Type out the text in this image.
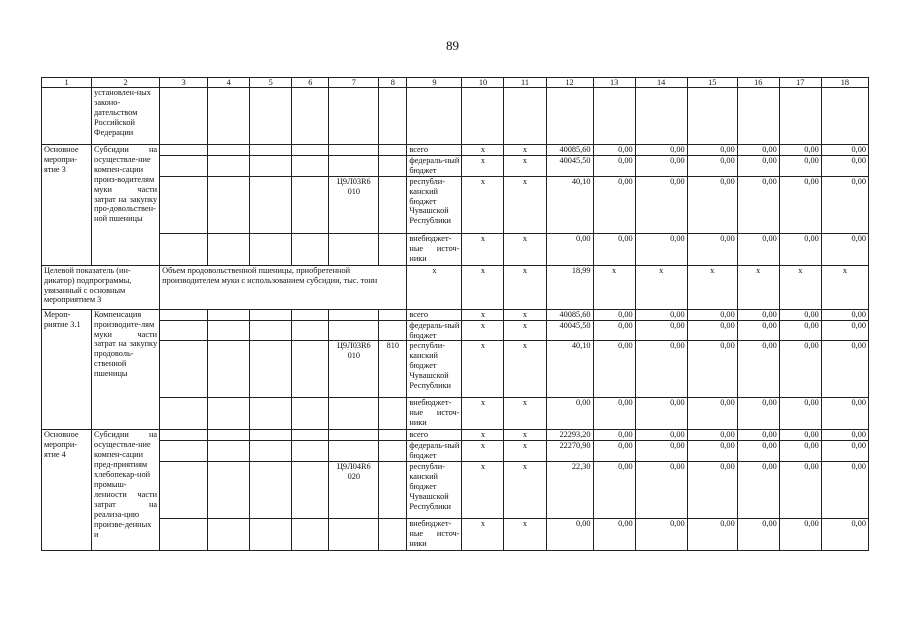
89
1	2	3	4	5	6	7	8	9	10	11	12	13	14	15	16	17	18
	установлен-ных законо-дательством Российской Федерации																
Основное меропри-ятие 3	Субсидии на осуществле-ние компен-сации произ-водителям муки части затрат на закупку про-довольствен-ной пшеницы							всего	x	x	40085,60	0,00	0,00	0,00	0,00	0,00	0,00
								федераль-ный бюджет	x	x	40045,50	0,00	0,00	0,00	0,00	0,00	0,00
						Ц9Л03R6 010		республи-канский бюджет Чувашской Республики	x	x	40,10	0,00	0,00	0,00	0,00	0,00	0,00
								внебюджет-ные источ-ники	x	x	0,00	0,00	0,00	0,00	0,00	0,00	0,00
Целевой показатель (ин-дикатор) подпрограммы, увязанный с основным мероприятием 3		Объем продовольственной пшеницы, приобретенной производителем муки с использованием субсидии, тыс. тонн						x	x	x	18,99	x	x	x	x	x	x
Мероп-риятие 3.1	Компенсация производите-лям муки части затрат на закупку продоволь-ственной пшеницы							всего	x	x	40085,60	0,00	0,00	0,00	0,00	0,00	0,00
								федераль-ный бюджет	x	x	40045,50	0,00	0,00	0,00	0,00	0,00	0,00
						Ц9Л03R6 010	810	республи-канский бюджет Чувашской Республики	x	x	40,10	0,00	0,00	0,00	0,00	0,00	0,00
								внебюджет-ные источ-ники	x	x	0,00	0,00	0,00	0,00	0,00	0,00	0,00
Основное меропри-ятие 4	Субсидии на осуществле-ние компен-сации пред-приятиям хлебопекар-ной промыш-ленности части затрат на реализа-цию произве-денных и							всего	x	x	22293,20	0,00	0,00	0,00	0,00	0,00	0,00
								федераль-ный бюджет	x	x	22270,90	0,00	0,00	0,00	0,00	0,00	0,00
						Ц9Л04R6 020		республи-канский бюджет Чувашской Республики	x	x	22,30	0,00	0,00	0,00	0,00	0,00	0,00
								внебюджет-ные источ-ники	x	x	0,00	0,00	0,00	0,00	0,00	0,00	0,00
